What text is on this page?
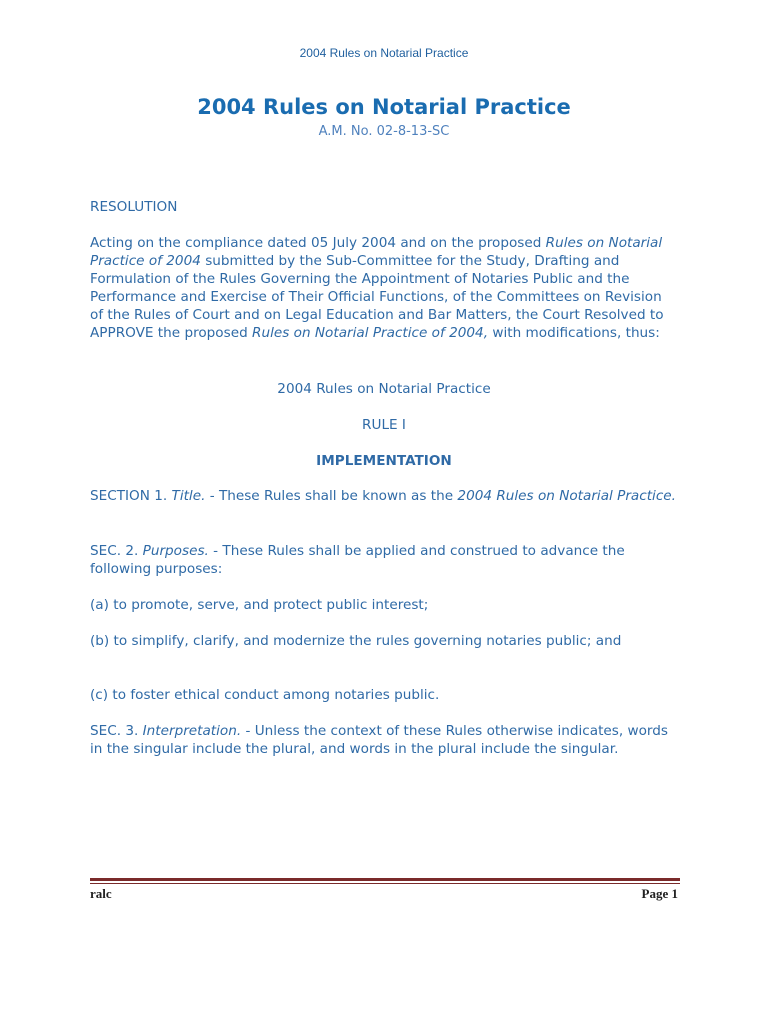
2004 Rules on Notarial Practice
2004 Rules on Notarial Practice
A.M. No. 02-8-13-SC

RESOLUTION

Acting on the compliance dated 05 July 2004 and on the proposed Rules on Notarial Practice of 2004 submitted by the Sub-Committee for the Study, Drafting and Formulation of the Rules Governing the Appointment of Notaries Public and the Performance and Exercise of Their Official Functions, of the Committees on Revision of the Rules of Court and on Legal Education and Bar Matters, the Court Resolved to APPROVE the proposed Rules on Notarial Practice of 2004, with modifications, thus:

2004 Rules on Notarial Practice
RULE I
IMPLEMENTATION

SECTION 1. Title. - These Rules shall be known as the 2004 Rules on Notarial Practice.

SEC. 2. Purposes. - These Rules shall be applied and construed to advance the following purposes:

(a) to promote, serve, and protect public interest;

(b) to simplify, clarify, and modernize the rules governing notaries public; and

(c) to foster ethical conduct among notaries public.

SEC. 3. Interpretation. - Unless the context of these Rules otherwise indicates, words in the singular include the plural, and words in the plural include the singular.

ralc	Page 1
